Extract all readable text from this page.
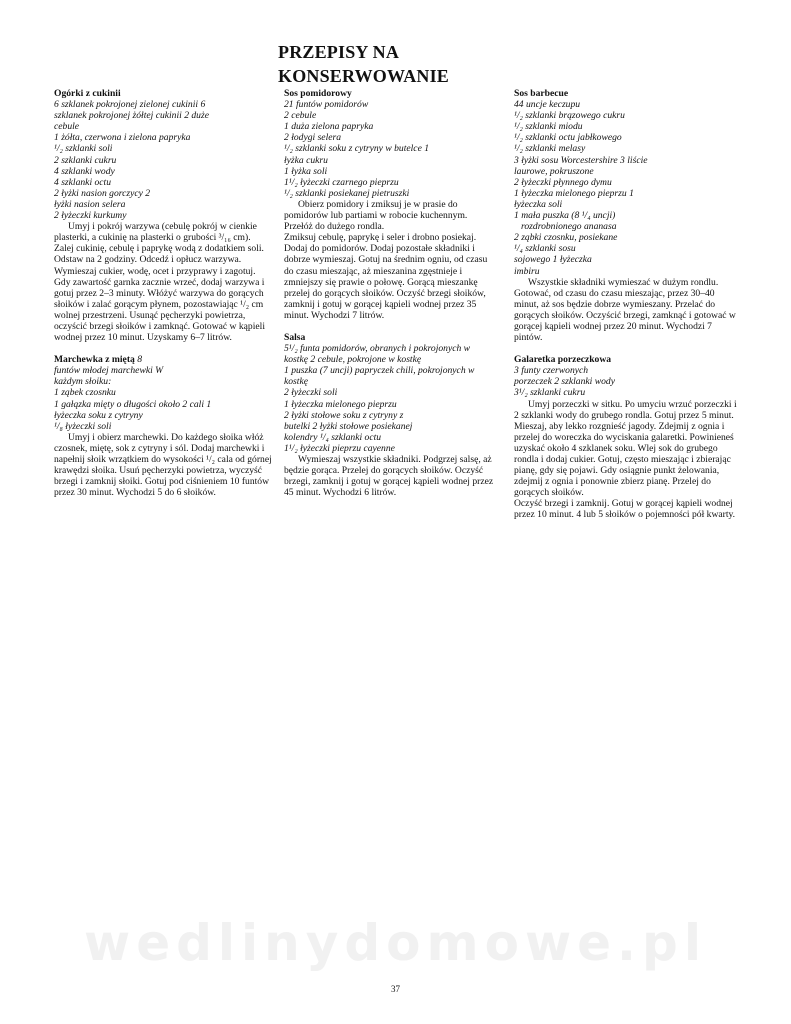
PRZEPISY NA
KONSERWOWANIE
Ogórki z cukinii
6 szklanek pokrojonej zielonej cukinii 6
szklanek pokrojonej żółtej cukinii 2 duże
cebule
1 żółta, czerwona i zielona papryka
¹/₂ szklanki soli
2 szklanki cukru
4 szklanki wody
4 szklanki octu
2 łyżki nasion gorczycy 2
łyżki nasion selera
2 łyżeczki kurkumy
Umyj i pokrój warzywa (cebulę pokrój w cienkie plasterki, a cukinię na plasterki o grubości ³/₁₆ cm). Zalej cukinię, cebulę i paprykę wodą z dodatkiem soli. Odstaw na 2 godziny. Odcedź i opłucz warzywa. Wymieszaj cukier, wodę, ocet i przyprawy i zagotuj. Gdy zawartość garnka zacznie wrzeć, dodaj warzywa i gotuj przez 2–3 minuty. Włóżyć warzywa do gorących słoików i zalać gorącym płynem, pozostawiając ¹/₂ cm wolnej przestrzeni. Usunąć pęcherzyki powietrza, oczyścić brzegi słoików i zamknąć. Gotować w kąpieli wodnej przez 10 minut. Uzyskamy 6–7 litrów.
Marchewka z miętą 8
funtów młodej marchewki W
każdym słoiku:
1 ząbek czosnku
1 gałązka mięty o długości około 2 cali 1
łyżeczka soku z cytryny
¹/₈ łyżeczki soli
Umyj i obierz marchewki. Do każdego słoika włóż czosnek, miętę, sok z cytryny i sól. Dodaj marchewki i napełnij słoik wrzątkiem do wysokości ¹/₂ cala od górnej krawędzi słoika. Usuń pęcherzyki powietrza, wyczyść brzegi i zamknij słoiki. Gotuj pod ciśnieniem 10 funtów przez 30 minut. Wychodzi 5 do 6 słoików.
Sos pomidorowy
21 funtów pomidorów
2 cebule
1 duża zielona papryka
2 łodygi selera
¹/₂ szklanki soku z cytryny w butelce 1
łyżka cukru
1 łyżka soli
1¹/₂ łyżeczki czarnego pieprzu
¹/₂ szklanki posiekanej pietruszki
Obierz pomidory i zmiksuj je w prasie do pomidorów lub partiami w robocie kuchennym. Przełóż do dużego rondla.
Zmiksuj cebulę, paprykę i seler i drobno posiekaj. Dodaj do pomidorów. Dodaj pozostałe składniki i dobrze wymieszaj. Gotuj na średnim ogniu, od czasu do czasu mieszając, aż mieszanina zgęstnieje i zmniejszy się prawie o połowę. Gorącą mieszankę przelej do gorących słoików. Oczyść brzegi słoików, zamknij i gotuj w gorącej kąpieli wodnej przez 35 minut. Wychodzi 7 litrów.
Salsa
5¹/₂ funta pomidorów, obranych i pokrojonych w
kostkę 2 cebule, pokrojone w kostkę
1 puszka (7 uncji) papryczek chili, pokrojonych w
kostkę
2 łyżeczki soli
1 łyżeczka mielonego pieprzu
2 łyżki stołowe soku z cytryny z
butelki 2 łyżki stołowe posiekanej
kolendry ¹/₄ szklanki octu
1¹/₂ łyżeczki pieprzu cayenne
Wymieszaj wszystkie składniki. Podgrzej salsę, aż będzie gorąca. Przelej do gorących słoików. Oczyść brzegi, zamknij i gotuj w gorącej kąpieli wodnej przez 45 minut. Wychodzi 6 litrów.
Sos barbecue
44 uncje keczupu
¹/₂ szklanki brązowego cukru
¹/₂ szklanki miodu
¹/₂ szklanki octu jabłkowego
¹/₂ szklanki melasy
3 łyżki sosu Worcestershire 3 liście
laurowe, pokruszone
2 łyżeczki płynnego dymu
1 łyżeczka mielonego pieprzu 1
łyżeczka soli
1 mała puszka (8 ¹/₄ uncji)
rozdrobnionego ananasa
2 ząbki czosnku, posiekane
¹/₄ szklanki sosu
sojowego 1 łyżeczka
imbiru
Wszystkie składniki wymieszać w dużym rondlu. Gotować, od czasu do czasu mieszając, przez 30–40 minut, aż sos będzie dobrze wymieszany. Przelać do gorących słoików. Oczyścić brzegi, zamknąć i gotować w gorącej kąpieli wodnej przez 20 minut. Wychodzi 7 pintów.
Galaretka porzeczkowa
3 funty czerwonych
porzeczek 2 szklanki wody
3¹/₂ szklanki cukru
Umyj porzeczki w sitku. Po umyciu wrzuć porzeczki i 2 szklanki wody do grubego rondla. Gotuj przez 5 minut. Mieszaj, aby lekko rozgnieść jagody. Zdejmij z ognia i przelej do woreczka do wyciskania galaretki. Powinieneś uzyskać około 4 szklanek soku. Wlej sok do grubego rondla i dodaj cukier. Gotuj, często mieszając i zbierając pianę, gdy się pojawi. Gdy osiągnie punkt żelowania, zdejmij z ognia i ponownie zbierz pianę. Przelej do gorących słoików.
Oczyść brzegi i zamknij. Gotuj w gorącej kąpieli wodnej przez 10 minut. 4 lub 5 słoików o pojemności pół kwarty.
wedlinydomowe.pl
37
